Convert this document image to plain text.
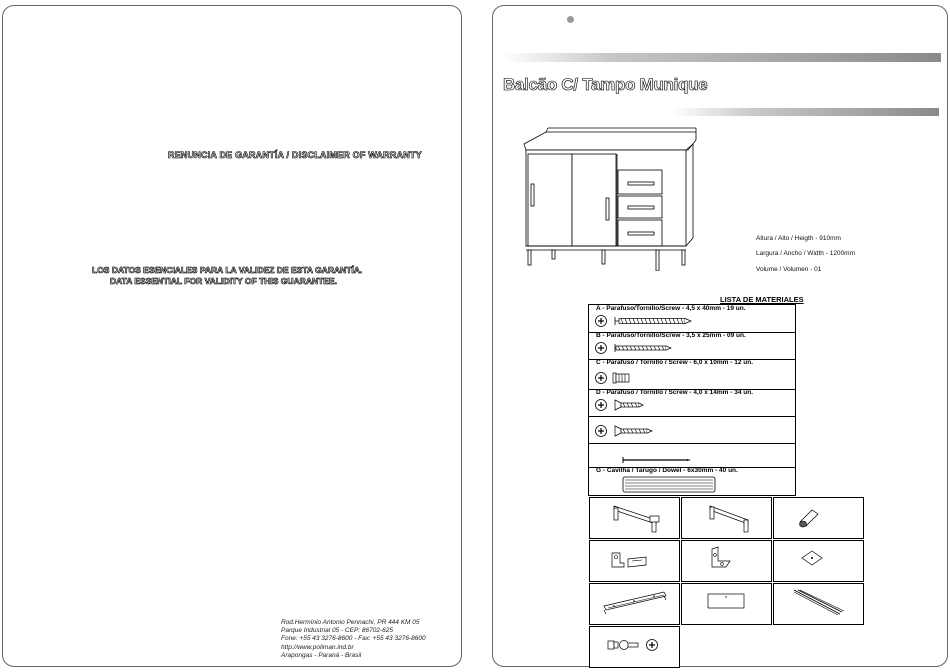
RENUNCIA DE GARANTÍA / DISCLAIMER OF WARRANTY
LOS DATOS ESENCIALES PARA LA VALIDEZ DE ESTA GARANTÍA.
DATA ESSENTIAL FOR VALIDITY OF THIS GUARANTEE.
Rod.Hermínio Antonio Pennachi, PR 444 KM 05
Parque Industrial 05 - CEP: 86702-625
Fone: +55 43 3276-8600 - Fax: +55 43 3276-8600
http://www.poliman.ind.br
Arapongas - Paraná - Brasil
Balcão C/ Tampo Munique
Altura / Alto / Heigth - 910mm
Largura / Ancho / Width - 1200mm
Volume / Volumen - 01
LISTA DE MATERIALES
A - Parafuso/Tornillo/Screw - 4,5 x 40mm - 19 un.
B - Parafuso/Tornillo/Screw - 3,5 x 25mm - 09 un.
C - Parafuso / Tornillo / Screw - 6,0 x 10mm - 12 un.
D - Parafuso / Tornillo / Screw - 4,0 x 14mm - 34 un.
G - Cavilha / Tarugo / Dowel - 6x30mm - 40 un.
